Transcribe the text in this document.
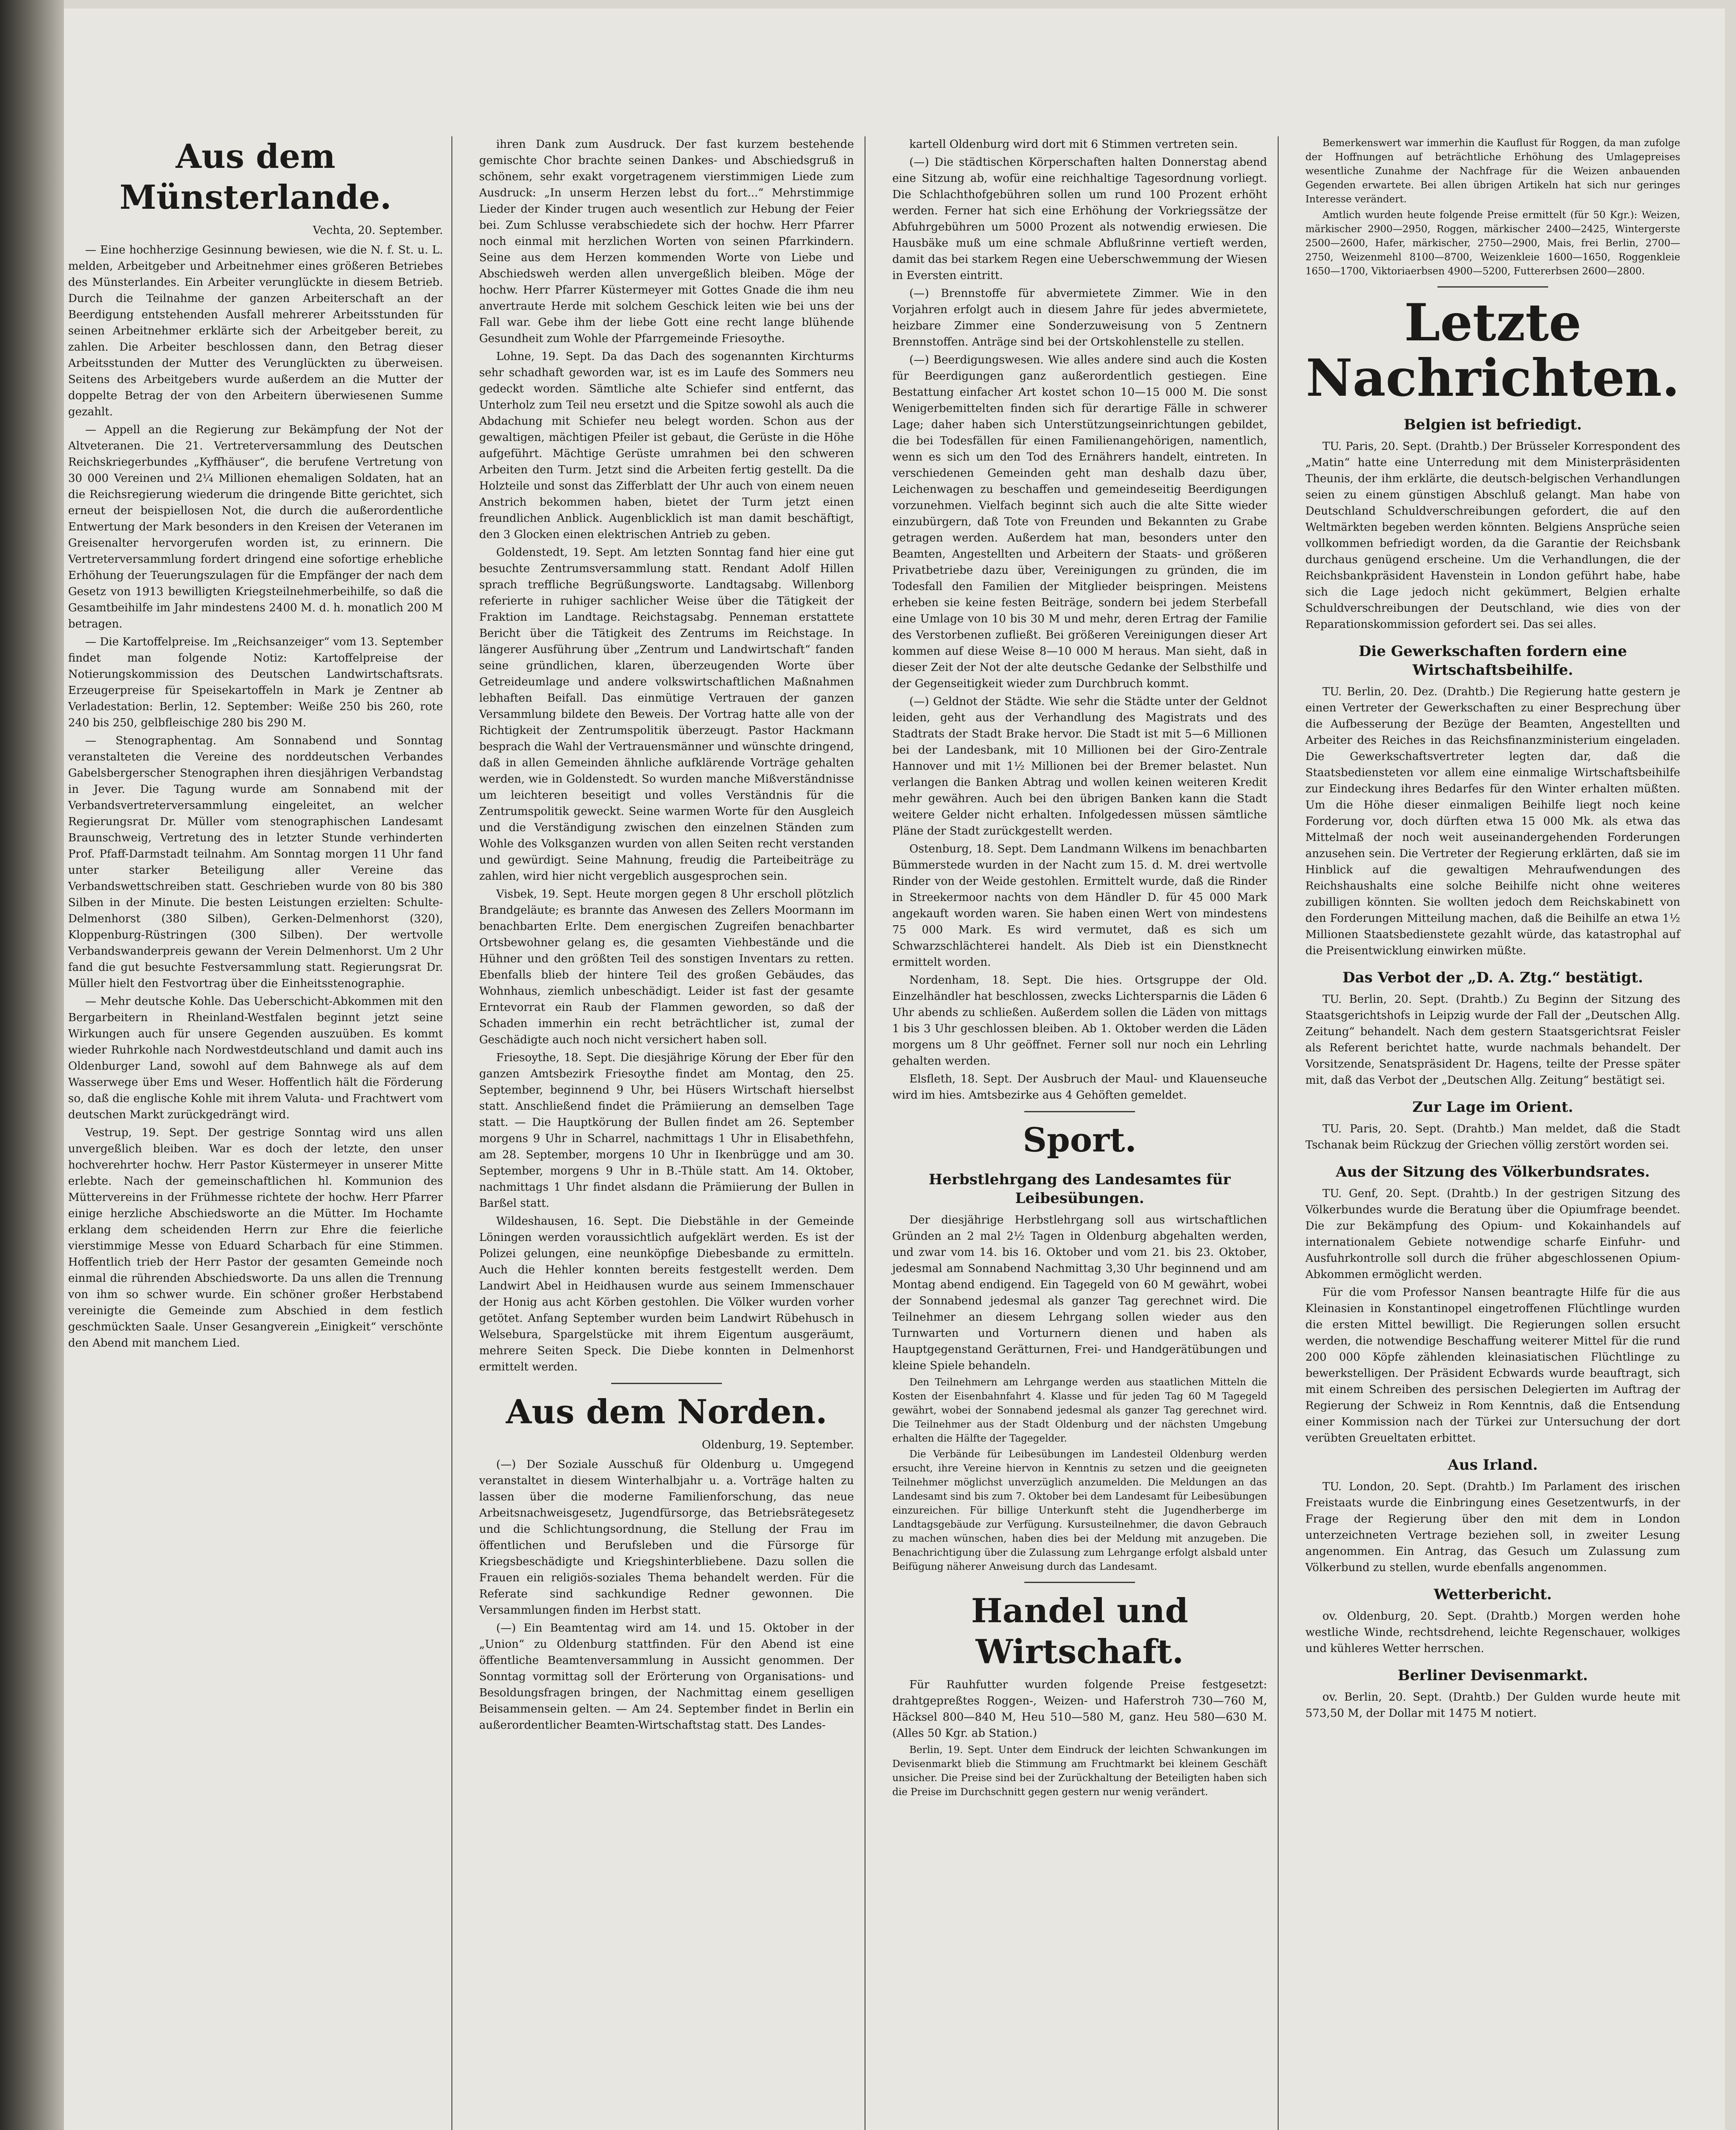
Aus dem Münsterlande.

Vechta, 20. September.

— Eine hochherzige Gesinnung bewiesen, wie die N. f. St. u. L. melden, Arbeitgeber und Arbeitnehmer eines größeren Betriebes des Münsterlandes. Ein Arbeiter verunglückte in diesem Betrieb. Durch die Teilnahme der ganzen Arbeiterschaft an der Beerdigung entstehenden Ausfall mehrerer Arbeitsstunden für seinen Arbeitnehmer erklärte sich der Arbeitgeber bereit, zu zahlen. Die Arbeiter beschlossen dann, den Betrag dieser Arbeitsstunden der Mutter des Verunglückten zu überweisen. Seitens des Arbeitgebers wurde außerdem an die Mutter der doppelte Betrag der von den Arbeitern überwiesenen Summe gezahlt.

— Appell an die Regierung zur Bekämpfung der Not der Altveteranen. Die 21. Vertreterversammlung des Deutschen Reichskriegerbundes „Kyffhäuser“, die berufene Vertretung von 30 000 Vereinen und 2¼ Millionen ehemaligen Soldaten, hat an die Reichsregierung wiederum die dringende Bitte gerichtet, sich erneut der beispiellosen Not, die durch die außerordentliche Entwertung der Mark besonders in den Kreisen der Veteranen im Greisenalter hervorgerufen worden ist, zu erinnern. Die Vertreterversammlung fordert dringend eine sofortige erhebliche Erhöhung der Teuerungszulagen für die Empfänger der nach dem Gesetz von 1913 bewilligten Kriegsteilnehmerbeihilfe, so daß die Gesamtbeihilfe im Jahr mindestens 2400 M. d. h. monatlich 200 M betragen.

— Die Kartoffelpreise. Im „Reichsanzeiger“ vom 13. September findet man folgende Notiz: Kartoffelpreise der Notierungskommission des Deutschen Landwirtschaftsrats. Erzeugerpreise für Speisekartoffeln in Mark je Zentner ab Verladestation: Berlin, 12. September: Weiße 250 bis 260, rote 240 bis 250, gelbfleischige 280 bis 290 M.

— Stenographentag. Am Sonnabend und Sonntag veranstalteten die Vereine des norddeutschen Verbandes Gabelsbergerscher Stenographen ihren diesjährigen Verbandstag in Jever. Die Tagung wurde am Sonnabend mit der Verbandsvertreterversammlung eingeleitet, an welcher Regierungsrat Dr. Müller vom stenographischen Landesamt Braunschweig, Vertretung des in letzter Stunde verhinderten Prof. Pfaff-Darmstadt teilnahm. Am Sonntag morgen 11 Uhr fand unter starker Beteiligung aller Vereine das Verbandswettschreiben statt. Geschrieben wurde von 80 bis 380 Silben in der Minute. Die besten Leistungen erzielten: Schulte-Delmenhorst (380 Silben), Gerken-Delmenhorst (320), Kloppenburg-Rüstringen (300 Silben). Der wertvolle Verbandswanderpreis gewann der Verein Delmenhorst. Um 2 Uhr fand die gut besuchte Festversammlung statt. Regierungsrat Dr. Müller hielt den Festvortrag über die Einheitsstenographie.

— Mehr deutsche Kohle. Das Ueberschicht-Abkommen mit den Bergarbeitern in Rheinland-Westfalen beginnt jetzt seine Wirkungen auch für unsere Gegenden auszuüben. Es kommt wieder Ruhrkohle nach Nordwestdeutschland und damit auch ins Oldenburger Land, sowohl auf dem Bahnwege als auf dem Wasserwege über Ems und Weser. Hoffentlich hält die Förderung so, daß die englische Kohle mit ihrem Valuta- und Frachtwert vom deutschen Markt zurückgedrängt wird.

Vestrup, 19. Sept. Der gestrige Sonntag wird uns allen unvergeßlich bleiben. War es doch der letzte, den unser hochverehrter hochw. Herr Pastor Küstermeyer in unserer Mitte erlebte. Nach der gemeinschaftlichen hl. Kommunion des Müttervereins in der Frühmesse richtete der hochw. Herr Pfarrer einige herzliche Abschiedsworte an die Mütter. Im Hochamte erklang dem scheidenden Herrn zur Ehre die feierliche vierstimmige Messe von Eduard Scharbach für eine Stimmen. Hoffentlich trieb der Herr Pastor der gesamten Gemeinde noch einmal die rührenden Abschiedsworte. Da uns allen die Trennung von ihm so schwer wurde. Ein schöner großer Herbstabend vereinigte die Gemeinde zum Abschied in dem festlich geschmückten Saale. Unser Gesangverein „Einigkeit“ verschönte den Abend mit manchem Lied.

ihren Dank zum Ausdruck. Der fast kurzem bestehende gemischte Chor brachte seinen Dankes- und Abschiedsgruß in schönem, sehr exakt vorgetragenem vierstimmigen Liede zum Ausdruck: „In unserm Herzen lebst du fort...“ Mehrstimmige Lieder der Kinder trugen auch wesentlich zur Hebung der Feier bei. Zum Schlusse verabschiedete sich der hochw. Herr Pfarrer noch einmal mit herzlichen Worten von seinen Pfarrkindern. Seine aus dem Herzen kommenden Worte von Liebe und Abschiedsweh werden allen unvergeßlich bleiben. Möge der hochw. Herr Pfarrer Küstermeyer mit Gottes Gnade die ihm neu anvertraute Herde mit solchem Geschick leiten wie bei uns der Fall war. Gebe ihm der liebe Gott eine recht lange blühende Gesundheit zum Wohle der Pfarrgemeinde Friesoythe.

Lohne, 19. Sept. Da das Dach des sogenannten Kirchturms sehr schadhaft geworden war, ist es im Laufe des Sommers neu gedeckt worden. Sämtliche alte Schiefer sind entfernt, das Unterholz zum Teil neu ersetzt und die Spitze sowohl als auch die Abdachung mit Schiefer neu belegt worden. Schon aus der gewaltigen, mächtigen Pfeiler ist gebaut, die Gerüste in die Höhe aufgeführt. Mächtige Gerüste umrahmen bei den schweren Arbeiten den Turm. Jetzt sind die Arbeiten fertig gestellt. Da die Holzteile und sonst das Zifferblatt der Uhr auch von einem neuen Anstrich bekommen haben, bietet der Turm jetzt einen freundlichen Anblick. Augenblicklich ist man damit beschäftigt, den 3 Glocken einen elektrischen Antrieb zu geben.

Goldenstedt, 19. Sept. Am letzten Sonntag fand hier eine gut besuchte Zentrumsversammlung statt. Rendant Adolf Hillen sprach treffliche Begrüßungsworte. Landtagsabg. Willenborg referierte in ruhiger sachlicher Weise über die Tätigkeit der Fraktion im Landtage. Reichstagsabg. Penneman erstattete Bericht über die Tätigkeit des Zentrums im Reichstage. In längerer Ausführung über „Zentrum und Landwirtschaft“ fanden seine gründlichen, klaren, überzeugenden Worte über Getreideumlage und andere volkswirtschaftlichen Maßnahmen lebhaften Beifall. Das einmütige Vertrauen der ganzen Versammlung bildete den Beweis. Der Vortrag hatte alle von der Richtigkeit der Zentrumspolitik überzeugt. Pastor Hackmann besprach die Wahl der Vertrauensmänner und wünschte dringend, daß in allen Gemeinden ähnliche aufklärende Vorträge gehalten werden, wie in Goldenstedt. So wurden manche Mißverständnisse um leichteren beseitigt und volles Verständnis für die Zentrumspolitik geweckt. Seine warmen Worte für den Ausgleich und die Verständigung zwischen den einzelnen Ständen zum Wohle des Volksganzen wurden von allen Seiten recht verstanden und gewürdigt. Seine Mahnung, freudig die Parteibeiträge zu zahlen, wird hier nicht vergeblich ausgesprochen sein.

Visbek, 19. Sept. Heute morgen gegen 8 Uhr erscholl plötzlich Brandgeläute; es brannte das Anwesen des Zellers Moormann im benachbarten Erlte. Dem energischen Zugreifen benachbarter Ortsbewohner gelang es, die gesamten Viehbestände und die Hühner und den größten Teil des sonstigen Inventars zu retten. Ebenfalls blieb der hintere Teil des großen Gebäudes, das Wohnhaus, ziemlich unbeschädigt. Leider ist fast der gesamte Erntevorrat ein Raub der Flammen geworden, so daß der Schaden immerhin ein recht beträchtlicher ist, zumal der Geschädigte auch noch nicht versichert haben soll.

Friesoythe, 18. Sept. Die diesjährige Körung der Eber für den ganzen Amtsbezirk Friesoythe findet am Montag, den 25. September, beginnend 9 Uhr, bei Hüsers Wirtschaft hierselbst statt. Anschließend findet die Prämiierung an demselben Tage statt. — Die Hauptkörung der Bullen findet am 26. September morgens 9 Uhr in Scharrel, nachmittags 1 Uhr in Elisabethfehn, am 28. September, morgens 10 Uhr in Ikenbrügge und am 30. September, morgens 9 Uhr in B.-Thüle statt. Am 14. Oktober, nachmittags 1 Uhr findet alsdann die Prämiierung der Bullen in Barßel statt.

Wildeshausen, 16. Sept. Die Diebstähle in der Gemeinde Löningen werden voraussichtlich aufgeklärt werden. Es ist der Polizei gelungen, eine neunköpfige Diebesbande zu ermitteln. Auch die Hehler konnten bereits festgestellt werden. Dem Landwirt Abel in Heidhausen wurde aus seinem Immenschauer der Honig aus acht Körben gestohlen. Die Völker wurden vorher getötet. Anfang September wurden beim Landwirt Rübehusch in Welsebura, Spargelstücke mit ihrem Eigentum ausgeräumt, mehrere Seiten Speck. Die Diebe konnten in Delmenhorst ermittelt werden.

Aus dem Norden.

Oldenburg, 19. September.

(—) Der Soziale Ausschuß für Oldenburg u. Umgegend veranstaltet in diesem Winterhalbjahr u. a. Vorträge halten zu lassen über die moderne Familienforschung, das neue Arbeitsnachweisgesetz, Jugendfürsorge, das Betriebsrätegesetz und die Schlichtungsordnung, die Stellung der Frau im öffentlichen und Berufsleben und die Fürsorge für Kriegsbeschädigte und Kriegshinterbliebene. Dazu sollen die Frauen ein religiös-soziales Thema behandelt werden. Für die Referate sind sachkundige Redner gewonnen. Die Versammlungen finden im Herbst statt.

(—) Ein Beamtentag wird am 14. und 15. Oktober in der „Union“ zu Oldenburg stattfinden. Für den Abend ist eine öffentliche Beamtenversammlung in Aussicht genommen. Der Sonntag vormittag soll der Erörterung von Organisations- und Besoldungsfragen bringen, der Nachmittag einem geselligen Beisammensein gelten. — Am 24. September findet in Berlin ein außerordentlicher Beamten-Wirtschaftstag statt. Des Landes-

kartell Oldenburg wird dort mit 6 Stimmen vertreten sein.

(—) Die städtischen Körperschaften halten Donnerstag abend eine Sitzung ab, wofür eine reichhaltige Tagesordnung vorliegt. Die Schlachthofgebühren sollen um rund 100 Prozent erhöht werden. Ferner hat sich eine Erhöhung der Vorkriegssätze der Abfuhrgebühren um 5000 Prozent als notwendig erwiesen. Die Hausbäke muß um eine schmale Abflußrinne vertieft werden, damit das bei starkem Regen eine Ueberschwemmung der Wiesen in Eversten eintritt.

(—) Brennstoffe für abvermietete Zimmer. Wie in den Vorjahren erfolgt auch in diesem Jahre für jedes abvermietete, heizbare Zimmer eine Sonderzuweisung von 5 Zentnern Brennstoffen. Anträge sind bei der Ortskohlenstelle zu stellen.

(—) Beerdigungswesen. Wie alles andere sind auch die Kosten für Beerdigungen ganz außerordentlich gestiegen. Eine Bestattung einfacher Art kostet schon 10—15 000 M. Die sonst Wenigerbemittelten finden sich für derartige Fälle in schwerer Lage; daher haben sich Unterstützungseinrichtungen gebildet, die bei Todesfällen für einen Familienangehörigen, namentlich, wenn es sich um den Tod des Ernährers handelt, eintreten. In verschiedenen Gemeinden geht man deshalb dazu über, Leichenwagen zu beschaffen und gemeindeseitig Beerdigungen vorzunehmen. Vielfach beginnt sich auch die alte Sitte wieder einzubürgern, daß Tote von Freunden und Bekannten zu Grabe getragen werden. Außerdem hat man, besonders unter den Beamten, Angestellten und Arbeitern der Staats- und größeren Privatbetriebe dazu über, Vereinigungen zu gründen, die im Todesfall den Familien der Mitglieder beispringen. Meistens erheben sie keine festen Beiträge, sondern bei jedem Sterbefall eine Umlage von 10 bis 30 M und mehr, deren Ertrag der Familie des Verstorbenen zufließt. Bei größeren Vereinigungen dieser Art kommen auf diese Weise 8—10 000 M heraus. Man sieht, daß in dieser Zeit der Not der alte deutsche Gedanke der Selbsthilfe und der Gegenseitigkeit wieder zum Durchbruch kommt.

(—) Geldnot der Städte. Wie sehr die Städte unter der Geldnot leiden, geht aus der Verhandlung des Magistrats und des Stadtrats der Stadt Brake hervor. Die Stadt ist mit 5—6 Millionen bei der Landesbank, mit 10 Millionen bei der Giro-Zentrale Hannover und mit 1½ Millionen bei der Bremer belastet. Nun verlangen die Banken Abtrag und wollen keinen weiteren Kredit mehr gewähren. Auch bei den übrigen Banken kann die Stadt weitere Gelder nicht erhalten. Infolgedessen müssen sämtliche Pläne der Stadt zurückgestellt werden.

Ostenburg, 18. Sept. Dem Landmann Wilkens im benachbarten Bümmerstede wurden in der Nacht zum 15. d. M. drei wertvolle Rinder von der Weide gestohlen. Ermittelt wurde, daß die Rinder in Streekermoor nachts von dem Händler D. für 45 000 Mark angekauft worden waren. Sie haben einen Wert von mindestens 75 000 Mark. Es wird vermutet, daß es sich um Schwarzschlächterei handelt. Als Dieb ist ein Dienstknecht ermittelt worden.

Nordenham, 18. Sept. Die hies. Ortsgruppe der Old. Einzelhändler hat beschlossen, zwecks Lichtersparnis die Läden 6 Uhr abends zu schließen. Außerdem sollen die Läden von mittags 1 bis 3 Uhr geschlossen bleiben. Ab 1. Oktober werden die Läden morgens um 8 Uhr geöffnet. Ferner soll nur noch ein Lehrling gehalten werden.

Elsfleth, 18. Sept. Der Ausbruch der Maul- und Klauenseuche wird im hies. Amtsbezirke aus 4 Gehöften gemeldet.

Sport.

Herbstlehrgang des Landesamtes für Leibesübungen.

Der diesjährige Herbstlehrgang soll aus wirtschaftlichen Gründen an 2 mal 2½ Tagen in Oldenburg abgehalten werden, und zwar vom 14. bis 16. Oktober und vom 21. bis 23. Oktober, jedesmal am Sonnabend Nachmittag 3,30 Uhr beginnend und am Montag abend endigend. Ein Tagegeld von 60 M gewährt, wobei der Sonnabend jedesmal als ganzer Tag gerechnet wird. Die Teilnehmer an diesem Lehrgang sollen wieder aus den Turnwarten und Vorturnern dienen und haben als Hauptgegenstand Gerätturnen, Frei- und Handgerätübungen und kleine Spiele behandeln.

Den Teilnehmern am Lehrgange werden aus staatlichen Mitteln die Kosten der Eisenbahnfahrt 4. Klasse und für jeden Tag 60 M Tagegeld gewährt, wobei der Sonnabend jedesmal als ganzer Tag gerechnet wird. Die Teilnehmer aus der Stadt Oldenburg und der nächsten Umgebung erhalten die Hälfte der Tagegelder.

Die Verbände für Leibesübungen im Landesteil Oldenburg werden ersucht, ihre Vereine hiervon in Kenntnis zu setzen und die geeigneten Teilnehmer möglichst unverzüglich anzumelden. Die Meldungen an das Landesamt sind bis zum 7. Oktober bei dem Landesamt für Leibesübungen einzureichen. Für billige Unterkunft steht die Jugendherberge im Landtagsgebäude zur Verfügung. Kursusteilnehmer, die davon Gebrauch zu machen wünschen, haben dies bei der Meldung mit anzugeben. Die Benachrichtigung über die Zulassung zum Lehrgange erfolgt alsbald unter Beifügung näherer Anweisung durch das Landesamt.

Handel und Wirtschaft.

Für Rauhfutter wurden folgende Preise festgesetzt: drahtgepreßtes Roggen-, Weizen- und Haferstroh 730—760 M, Häcksel 800—840 M, Heu 510—580 M, ganz. Heu 580—630 M. (Alles 50 Kgr. ab Station.)

Berlin, 19. Sept. Unter dem Eindruck der leichten Schwankungen im Devisenmarkt blieb die Stimmung am Fruchtmarkt bei kleinem Geschäft unsicher. Die Preise sind bei der Zurückhaltung der Beteiligten haben sich die Preise im Durchschnitt gegen gestern nur wenig verändert.

Bemerkenswert war immerhin die Kauflust für Roggen, da man zufolge der Hoffnungen auf beträchtliche Erhöhung des Umlagepreises wesentliche Zunahme der Nachfrage für die Weizen anbauenden Gegenden erwartete. Bei allen übrigen Artikeln hat sich nur geringes Interesse verändert.

Amtlich wurden heute folgende Preise ermittelt (für 50 Kgr.): Weizen, märkischer 2900—2950, Roggen, märkischer 2400—2425, Wintergerste 2500—2600, Hafer, märkischer, 2750—2900, Mais, frei Berlin, 2700—2750, Weizenmehl 8100—8700, Weizenkleie 1600—1650, Roggenkleie 1650—1700, Viktoriaerbsen 4900—5200, Futtererbsen 2600—2800.

Letzte Nachrichten.

Belgien ist befriedigt.

TU. Paris, 20. Sept. (Drahtb.) Der Brüsseler Korrespondent des „Matin“ hatte eine Unterredung mit dem Ministerpräsidenten Theunis, der ihm erklärte, die deutsch-belgischen Verhandlungen seien zu einem günstigen Abschluß gelangt. Man habe von Deutschland Schuldverschreibungen gefordert, die auf den Weltmärkten begeben werden könnten. Belgiens Ansprüche seien vollkommen befriedigt worden, da die Garantie der Reichsbank durchaus genügend erscheine. Um die Verhandlungen, die der Reichsbankpräsident Havenstein in London geführt habe, habe sich die Lage jedoch nicht gekümmert, Belgien erhalte Schuldverschreibungen der Deutschland, wie dies von der Reparationskommission gefordert sei. Das sei alles.

Die Gewerkschaften fordern eine Wirtschaftsbeihilfe.

TU. Berlin, 20. Dez. (Drahtb.) Die Regierung hatte gestern je einen Vertreter der Gewerkschaften zu einer Besprechung über die Aufbesserung der Bezüge der Beamten, Angestellten und Arbeiter des Reiches in das Reichsfinanzministerium eingeladen. Die Gewerkschaftsvertreter legten dar, daß die Staatsbediensteten vor allem eine einmalige Wirtschaftsbeihilfe zur Eindeckung ihres Bedarfes für den Winter erhalten müßten. Um die Höhe dieser einmaligen Beihilfe liegt noch keine Forderung vor, doch dürften etwa 15 000 Mk. als etwa das Mittelmaß der noch weit auseinandergehenden Forderungen anzusehen sein. Die Vertreter der Regierung erklärten, daß sie im Hinblick auf die gewaltigen Mehraufwendungen des Reichshaushalts eine solche Beihilfe nicht ohne weiteres zubilligen könnten. Sie wollten jedoch dem Reichskabinett von den Forderungen Mitteilung machen, daß die Beihilfe an etwa 1½ Millionen Staatsbedienstete gezahlt würde, das katastrophal auf die Preisentwicklung einwirken müßte.

Das Verbot der „D. A. Ztg.“ bestätigt.

TU. Berlin, 20. Sept. (Drahtb.) Zu Beginn der Sitzung des Staatsgerichtshofs in Leipzig wurde der Fall der „Deutschen Allg. Zeitung“ behandelt. Nach dem gestern Staatsgerichtsrat Feisler als Referent berichtet hatte, wurde nachmals behandelt. Der Vorsitzende, Senatspräsident Dr. Hagens, teilte der Presse später mit, daß das Verbot der „Deutschen Allg. Zeitung“ bestätigt sei.

Zur Lage im Orient.

TU. Paris, 20. Sept. (Drahtb.) Man meldet, daß die Stadt Tschanak beim Rückzug der Griechen völlig zerstört worden sei.

Aus der Sitzung des Völkerbundsrates.

TU. Genf, 20. Sept. (Drahtb.) In der gestrigen Sitzung des Völkerbundes wurde die Beratung über die Opiumfrage beendet. Die zur Bekämpfung des Opium- und Kokainhandels auf internationalem Gebiete notwendige scharfe Einfuhr- und Ausfuhrkontrolle soll durch die früher abgeschlossenen Opium-Abkommen ermöglicht werden.

Für die vom Professor Nansen beantragte Hilfe für die aus Kleinasien in Konstantinopel eingetroffenen Flüchtlinge wurden die ersten Mittel bewilligt. Die Regierungen sollen ersucht werden, die notwendige Beschaffung weiterer Mittel für die rund 200 000 Köpfe zählenden kleinasiatischen Flüchtlinge zu bewerkstelligen. Der Präsident Ecbwards wurde beauftragt, sich mit einem Schreiben des persischen Delegierten im Auftrag der Regierung der Schweiz in Rom Kenntnis, daß die Entsendung einer Kommission nach der Türkei zur Untersuchung der dort verübten Greueltaten erbittet.

Aus Irland.

TU. London, 20. Sept. (Drahtb.) Im Parlament des irischen Freistaats wurde die Einbringung eines Gesetzentwurfs, in der Frage der Regierung über den mit dem in London unterzeichneten Vertrage beziehen soll, in zweiter Lesung angenommen. Ein Antrag, das Gesuch um Zulassung zum Völkerbund zu stellen, wurde ebenfalls angenommen.

Wetterbericht.

ov. Oldenburg, 20. Sept. (Drahtb.) Morgen werden hohe westliche Winde, rechtsdrehend, leichte Regenschauer, wolkiges und kühleres Wetter herrschen.

Berliner Devisenmarkt.

ov. Berlin, 20. Sept. (Drahtb.) Der Gulden wurde heute mit 573,50 M, der Dollar mit 1475 M notiert.
